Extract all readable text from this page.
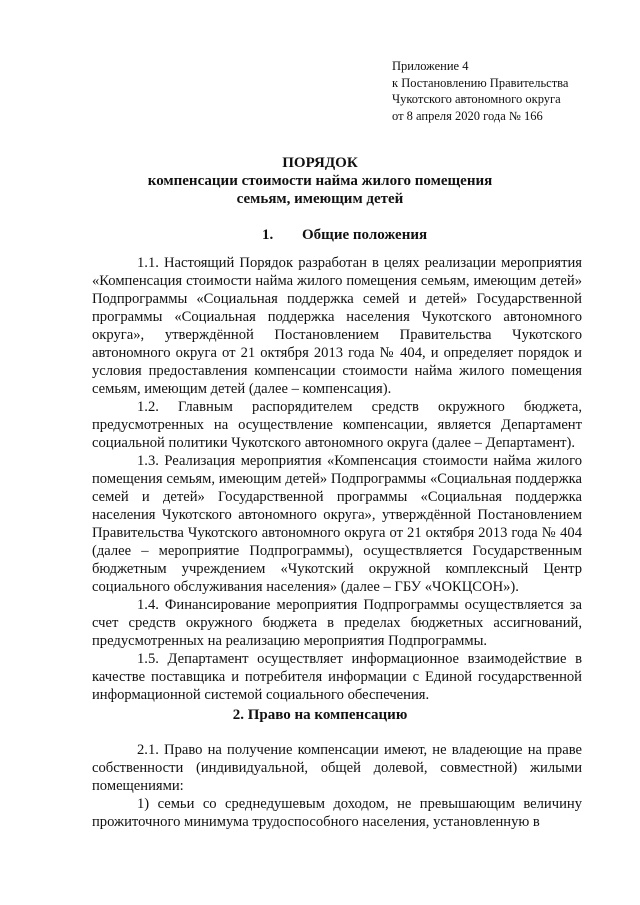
Приложение 4
к Постановлению Правительства
Чукотского автономного округа
от 8 апреля 2020 года № 166
ПОРЯДОК
компенсации стоимости найма жилого помещения
семьям, имеющим детей
1. Общие положения

1.1. Настоящий Порядок разработан в целях реализации мероприятия «Компенсация стоимости найма жилого помещения семьям, имеющим детей» Подпрограммы «Социальная поддержка семей и детей» Государственной программы «Социальная поддержка населения Чукотского автономного округа», утверждённой Постановлением Правительства Чукотского автономного округа от 21 октября 2013 года № 404, и определяет порядок и условия предоставления компенсации стоимости найма жилого помещения семьям, имеющим детей (далее – компенсация).

1.2. Главным распорядителем средств окружного бюджета, предусмотренных на осуществление компенсации, является Департамент социальной политики Чукотского автономного округа (далее – Департамент).

1.3. Реализация мероприятия «Компенсация стоимости найма жилого помещения семьям, имеющим детей» Подпрограммы «Социальная поддержка семей и детей» Государственной программы «Социальная поддержка населения Чукотского автономного округа», утверждённой Постановлением Правительства Чукотского автономного округа от 21 октября 2013 года № 404 (далее – мероприятие Подпрограммы), осуществляется Государственным бюджетным учреждением «Чукотский окружной комплексный Центр социального обслуживания населения» (далее – ГБУ «ЧОКЦСОН»).

1.4. Финансирование мероприятия Подпрограммы осуществляется за счет средств окружного бюджета в пределах бюджетных ассигнований, предусмотренных на реализацию мероприятия Подпрограммы.

1.5. Департамент осуществляет информационное взаимодействие в качестве поставщика и потребителя информации с Единой государственной информационной системой социального обеспечения.

2. Право на компенсацию

2.1. Право на получение компенсации имеют, не владеющие на праве собственности (индивидуальной, общей долевой, совместной) жилыми помещениями:

1) семьи со среднедушевым доходом, не превышающим величину прожиточного минимума трудоспособного населения, установленную в
